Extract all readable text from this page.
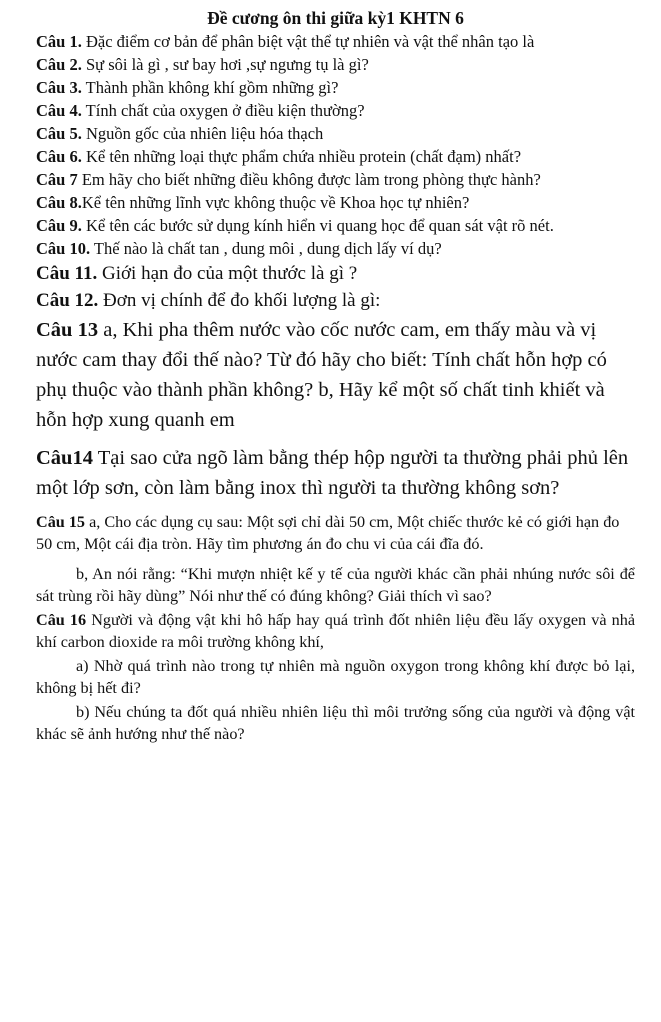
Đề cương ôn thi giữa kỳ1 KHTN 6

Câu 1. Đặc điểm cơ bản để phân biệt vật thể tự nhiên và vật thể nhân tạo là

Câu 2. Sự sôi là gì , sư bay hơi ,sự ngưng tụ là gì?

Câu 3. Thành phần không khí gồm những gì?

Câu 4. Tính chất của oxygen ở điều kiện thường?

Câu 5. Nguồn gốc của nhiên liệu hóa thạch

Câu 6. Kể tên những loại thực phẩm chứa nhiều protein (chất đạm) nhất?

Câu 7 Em hãy cho biết những điều không được làm trong phòng thực hành?

Câu 8.Kể tên những lĩnh vực không thuộc về Khoa học tự nhiên?

Câu 9. Kể tên các bước sử dụng kính hiển vi quang học để quan sát vật rõ nét.

Câu 10. Thế nào là chất tan , dung môi , dung dịch lấy ví dụ?

Câu 11. Giới hạn đo của một thước là gì ?

Câu 12. Đơn vị chính để đo khối lượng là gì:

Câu 13 a, Khi pha thêm nước vào cốc nước cam, em thấy màu và vị nước cam thay đổi thế nào? Từ đó hãy cho biết: Tính chất hỗn hợp có phụ thuộc vào thành phần không? b, Hãy kể một số chất tinh khiết và hỗn hợp xung quanh em

Câu14 Tại sao cửa ngõ làm bằng thép hộp người ta thường phải phủ lên một lớp sơn, còn làm bằng inox thì người ta thường không sơn?

Câu 15 a, Cho các dụng cụ sau: Một sợi chỉ dài 50 cm, Một chiếc thước kẻ có giới hạn đo 50 cm, Một cái địa tròn. Hãy tìm phương án đo chu vi của cái đĩa đó.

b, An nói rằng: “Khi mượn nhiệt kế y tế của người khác cần phải nhúng nước sôi để sát trùng rồi hãy dùng” Nói như thế có đúng không? Giải thích vì sao?

Câu 16 Người và động vật khi hô hấp hay quá trình đốt nhiên liệu đều lấy oxygen và nhả khí carbon dioxide ra môi trường không khí,

a) Nhờ quá trình nào trong tự nhiên mà nguồn oxygon trong không khí được bỏ lại, không bị hết đi?

b) Nếu chúng ta đốt quá nhiều nhiên liệu thì môi trưởng sống của người và động vật khác sẽ ảnh hướng như thế nào?
